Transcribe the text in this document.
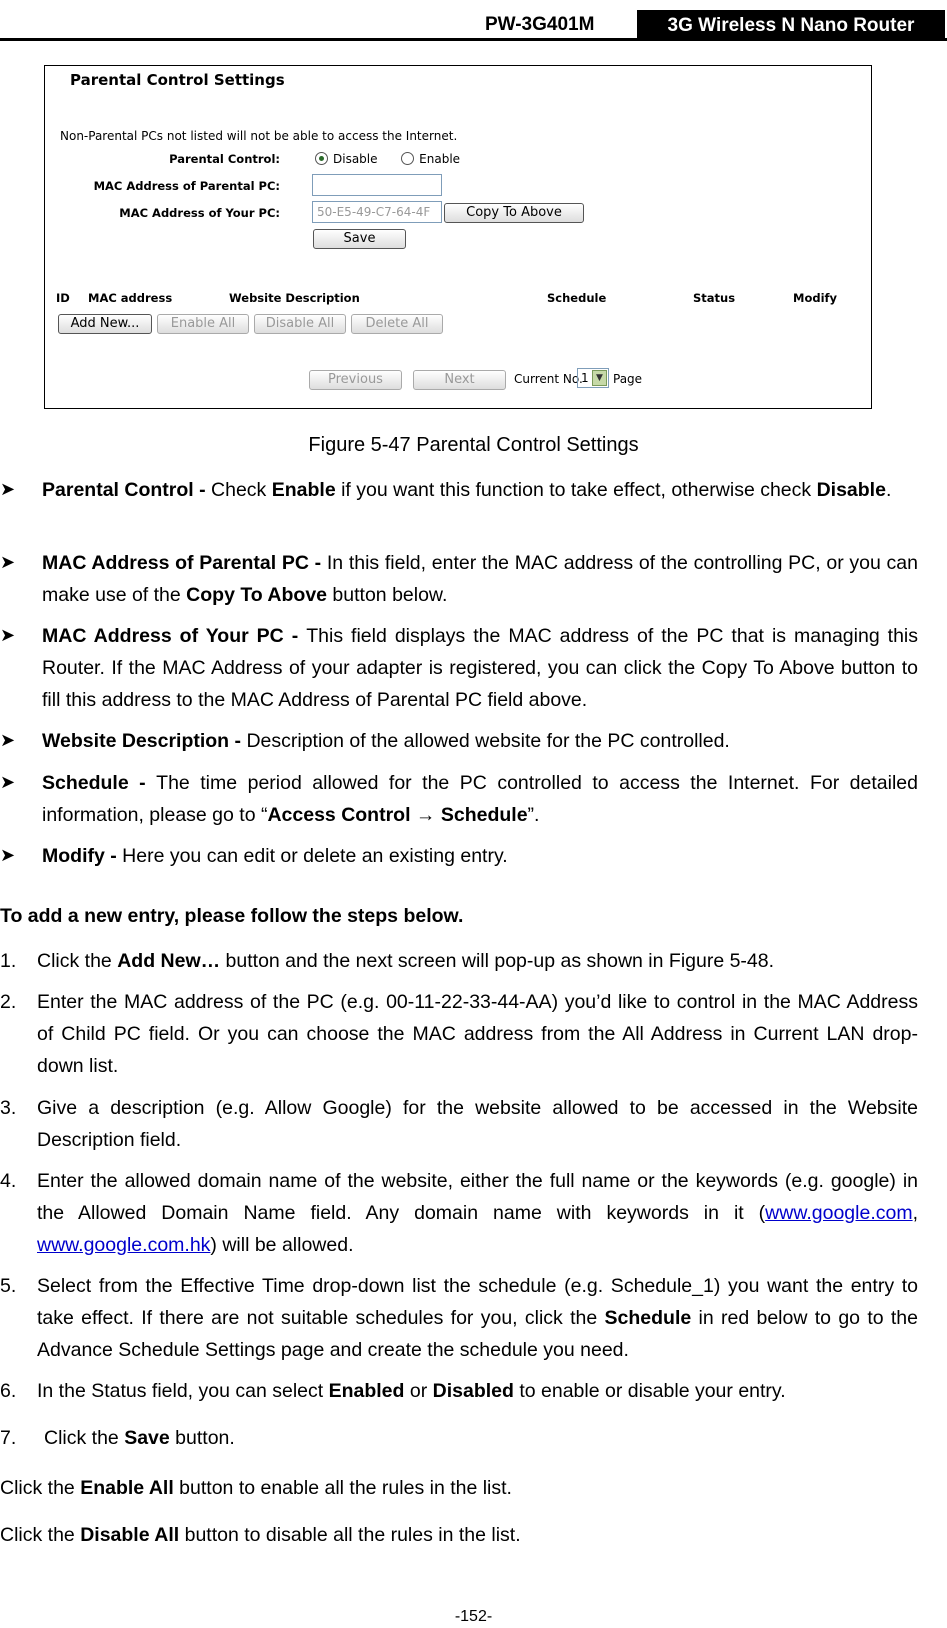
PW-3G401M	3G Wireless N Nano Router
Parental Control Settings
Non-Parental PCs not listed will not be able to access the Internet.
Parental Control:	Disable	Enable
MAC Address of Parental PC:
MAC Address of Your PC:	50-E5-49-C7-64-4F	Copy To Above
Save
ID MAC address	Website Description	Schedule	Status	Modify
Add New...	Enable All	Disable All	Delete All
Previous	Next	Current No.
1 ▼ Page
Figure 5-47 Parental Control Settings
➤ Parental Control - Check Enable if you want this function to take effect, otherwise check Disable.
➤ MAC Address of Parental PC - In this field, enter the MAC address of the controlling PC, or you can make use of the Copy To Above button below.
➤ MAC Address of Your PC - This field displays the MAC address of the PC that is managing this Router. If the MAC Address of your adapter is registered, you can click the Copy To Above button to fill this address to the MAC Address of Parental PC field above.
➤ Website Description - Description of the allowed website for the PC controlled.
➤ Schedule - The time period allowed for the PC controlled to access the Internet. For detailed information, please go to “Access Control → Schedule”.
➤ Modify - Here you can edit or delete an existing entry.
To add a new entry, please follow the steps below.
1. Click the Add New… button and the next screen will pop-up as shown in Figure 5-48.
2. Enter the MAC address of the PC (e.g. 00-11-22-33-44-AA) you’d like to control in the MAC Address of Child PC field. Or you can choose the MAC address from the All Address in Current LAN drop-down list.
3. Give a description (e.g. Allow Google) for the website allowed to be accessed in the Website Description field.
4. Enter the allowed domain name of the website, either the full name or the keywords (e.g. google) in the Allowed Domain Name field. Any domain name with keywords in it (www.google.com, www.google.com.hk) will be allowed.
5. Select from the Effective Time drop-down list the schedule (e.g. Schedule_1) you want the entry to take effect. If there are not suitable schedules for you, click the Schedule in red below to go to the Advance Schedule Settings page and create the schedule you need.
6. In the Status field, you can select Enabled or Disabled to enable or disable your entry.
7. Click the Save button.
Click the Enable All button to enable all the rules in the list.
Click the Disable All button to disable all the rules in the list.
-152-
